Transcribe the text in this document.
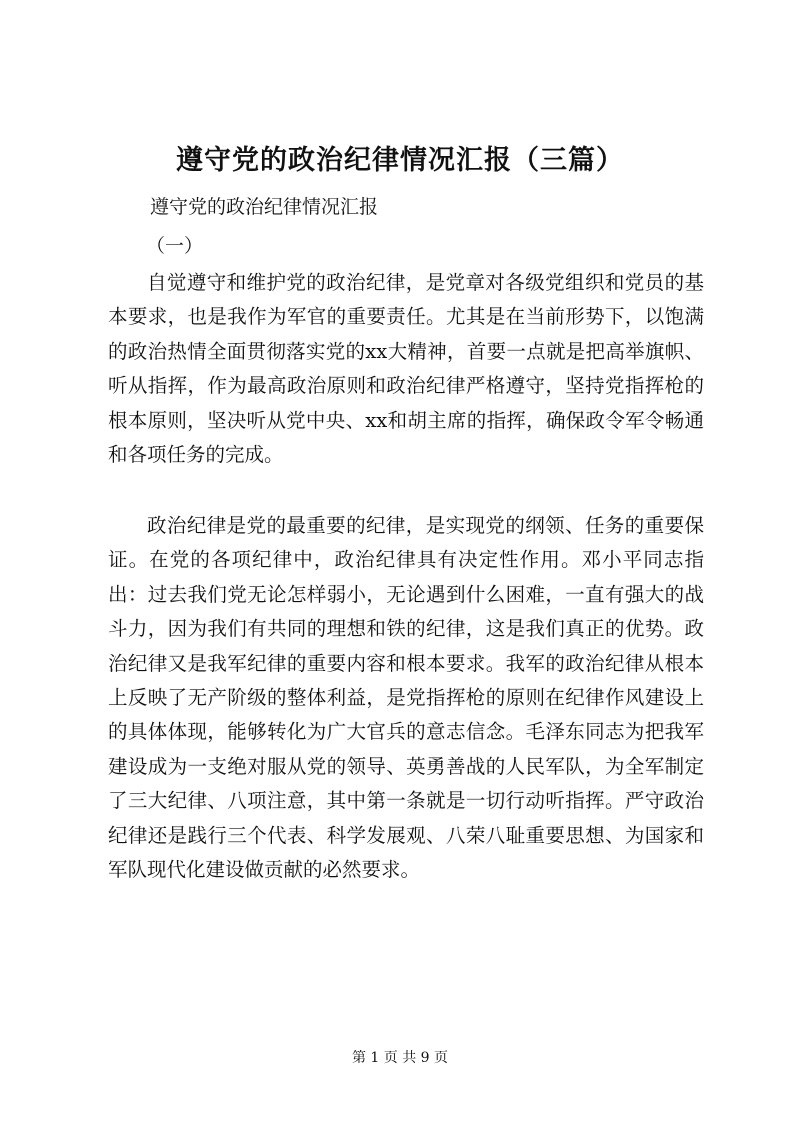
遵守党的政治纪律情况汇报（三篇）

遵守党的政治纪律情况汇报

（一）

自觉遵守和维护党的政治纪律，是党章对各级党组织和党员的基本要求，也是我作为军官的重要责任。尤其是在当前形势下，以饱满的政治热情全面贯彻落实党的xx大精神，首要一点就是把高举旗帜、听从指挥，作为最高政治原则和政治纪律严格遵守，坚持党指挥枪的根本原则，坚决听从党中央、xx和胡主席的指挥，确保政令军令畅通和各项任务的完成。

政治纪律是党的最重要的纪律，是实现党的纲领、任务的重要保证。在党的各项纪律中，政治纪律具有决定性作用。邓小平同志指出：过去我们党无论怎样弱小，无论遇到什么困难，一直有强大的战斗力，因为我们有共同的理想和铁的纪律，这是我们真正的优势。政治纪律又是我军纪律的重要内容和根本要求。我军的政治纪律从根本上反映了无产阶级的整体利益，是党指挥枪的原则在纪律作风建设上的具体体现，能够转化为广大官兵的意志信念。毛泽东同志为把我军建设成为一支绝对服从党的领导、英勇善战的人民军队，为全军制定了三大纪律、八项注意，其中第一条就是一切行动听指挥。严守政治纪律还是践行三个代表、科学发展观、八荣八耻重要思想、为国家和军队现代化建设做贡献的必然要求。

第 1 页 共 9 页
